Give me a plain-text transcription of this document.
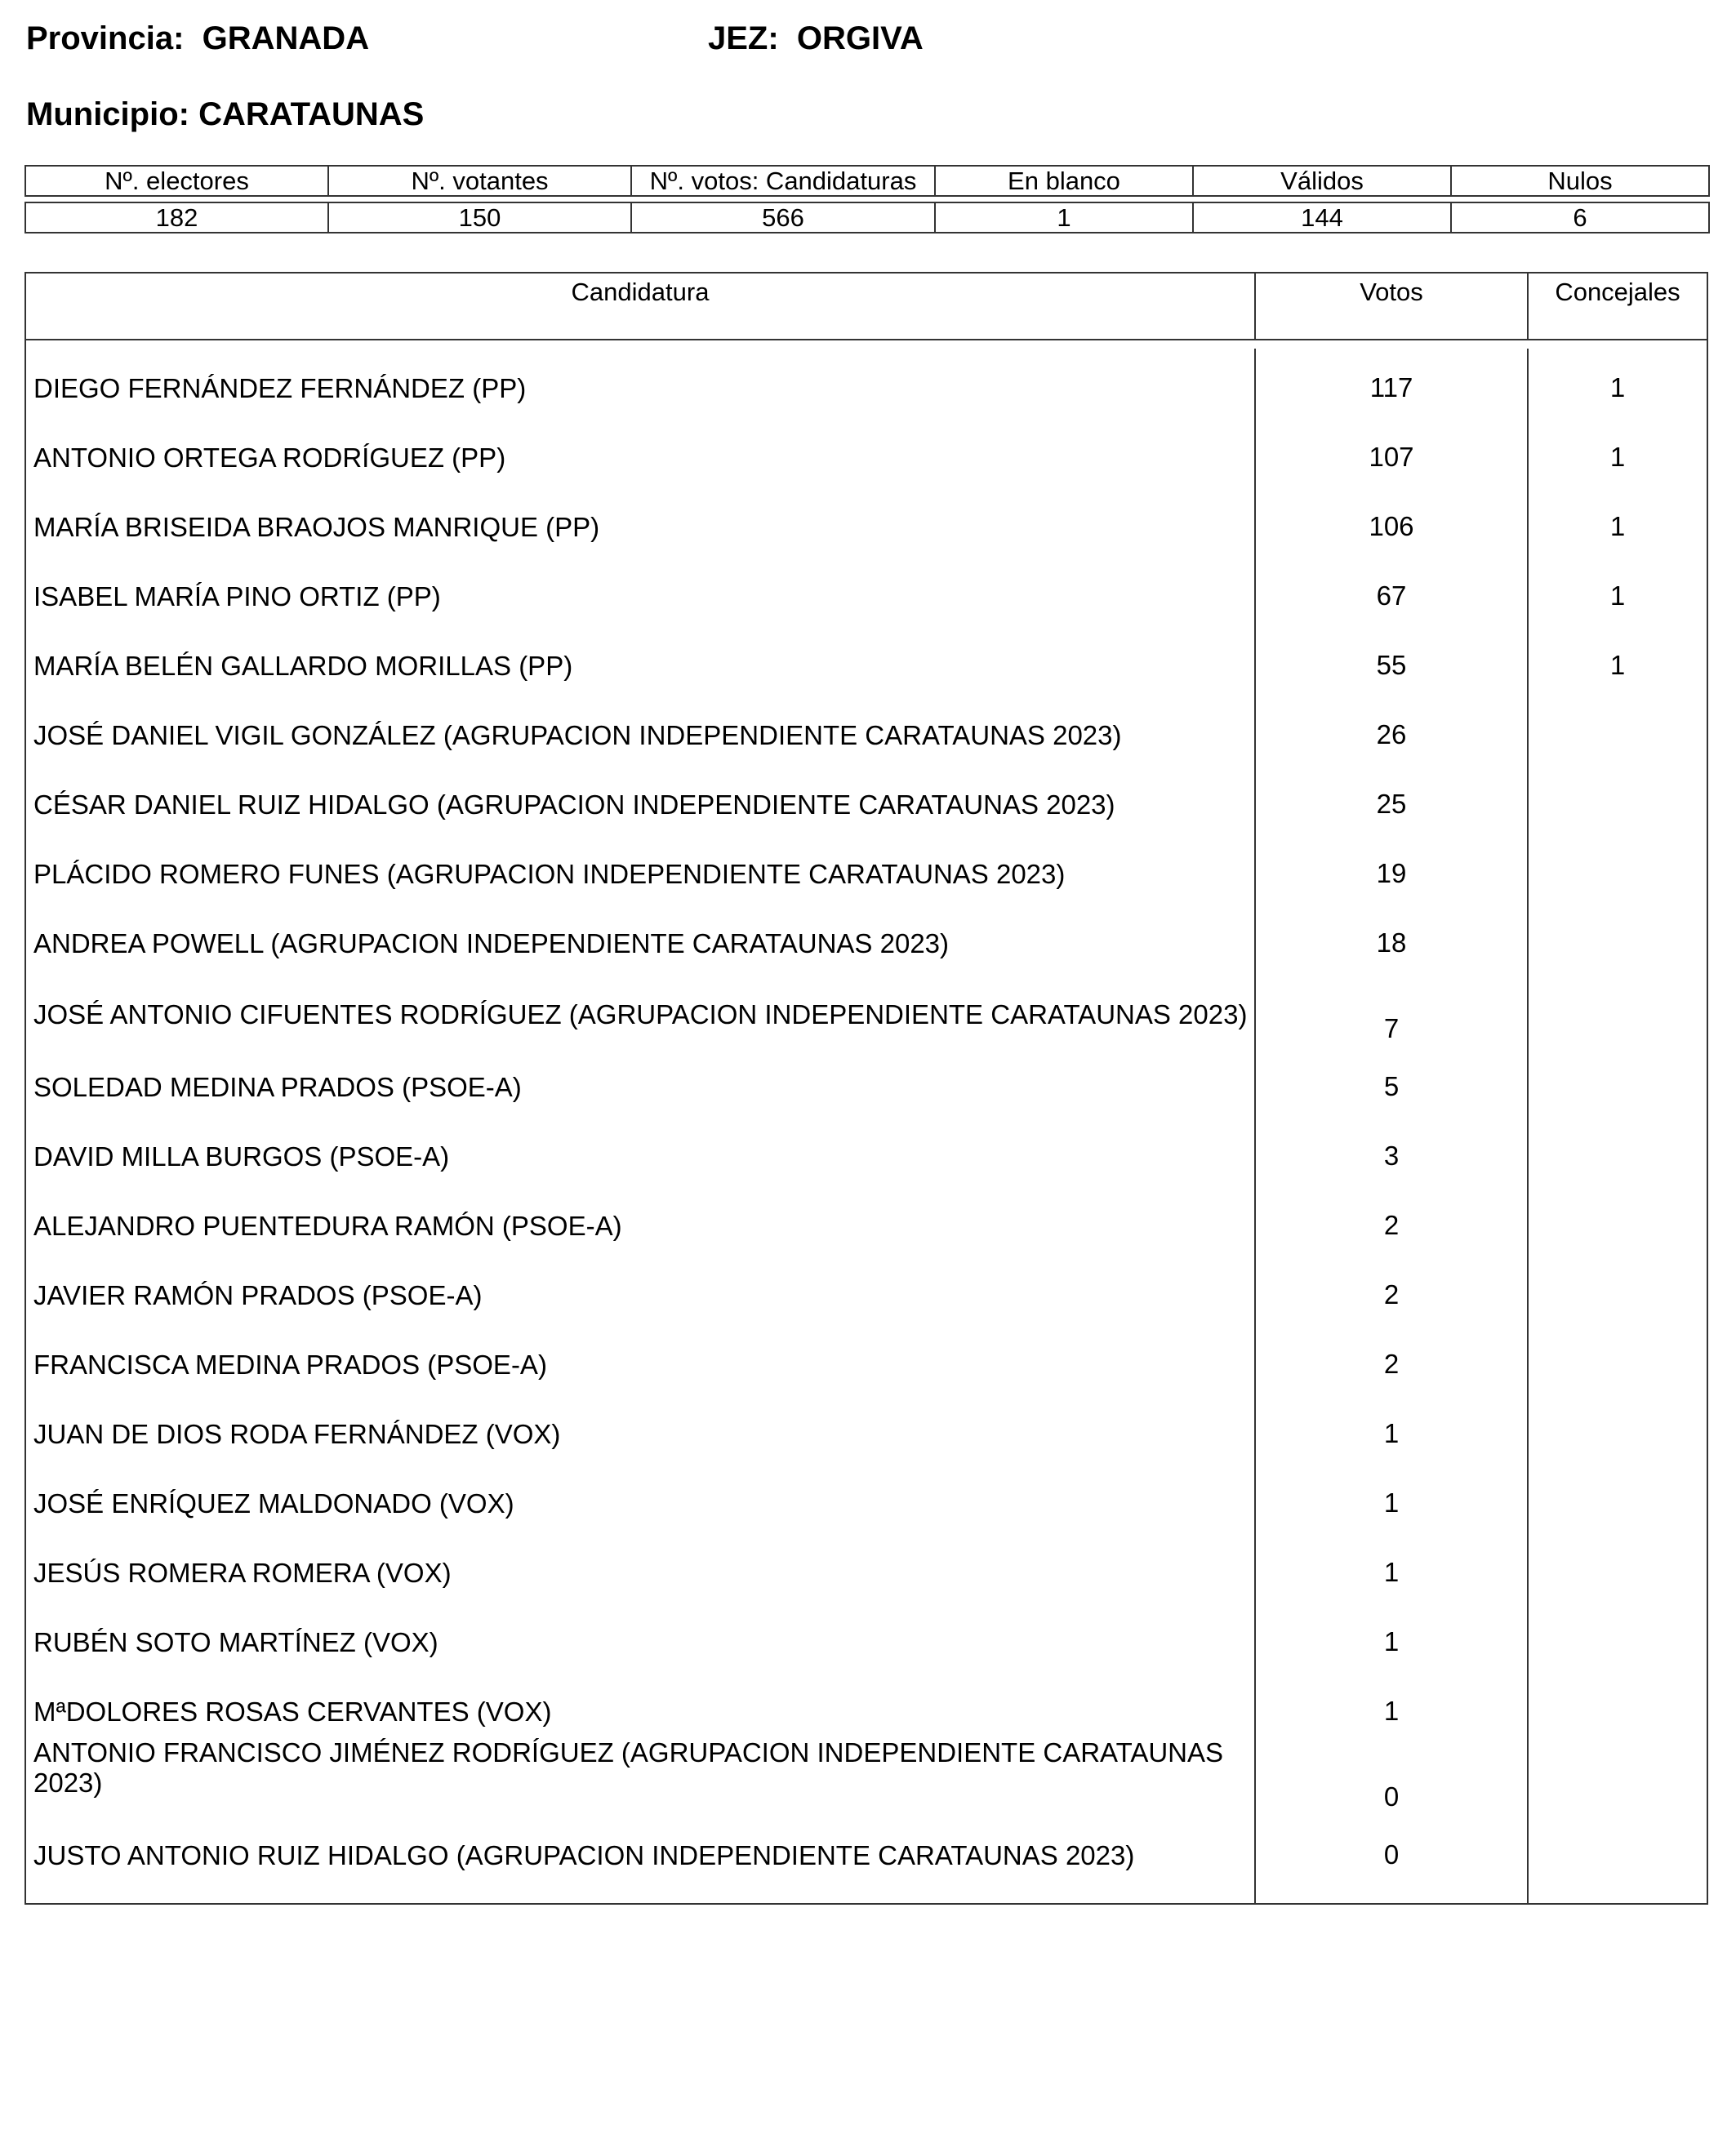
Provincia: GRANADA	JEZ: ORGIVA
Municipio: CARATAUNAS
Nº. electores	Nº. votantes	Nº. votos: Candidaturas	En blanco	Válidos	Nulos

182	150	566	1	144	6
Candidatura	Votos	Concejales
DIEGO FERNÁNDEZ FERNÁNDEZ (PP)	117	1
ANTONIO ORTEGA RODRÍGUEZ (PP)	107	1
MARÍA BRISEIDA BRAOJOS MANRIQUE (PP)	106	1
ISABEL MARÍA PINO ORTIZ (PP)	67	1
MARÍA BELÉN GALLARDO MORILLAS (PP)	55	1
JOSÉ DANIEL VIGIL GONZÁLEZ (AGRUPACION INDEPENDIENTE CARATAUNAS 2023)	26
CÉSAR DANIEL RUIZ HIDALGO (AGRUPACION INDEPENDIENTE CARATAUNAS 2023)	25
PLÁCIDO ROMERO FUNES (AGRUPACION INDEPENDIENTE CARATAUNAS 2023)	19
ANDREA POWELL (AGRUPACION INDEPENDIENTE CARATAUNAS 2023)	18
JOSÉ ANTONIO CIFUENTES RODRÍGUEZ (AGRUPACION INDEPENDIENTE CARATAUNAS 2023)	7
SOLEDAD MEDINA PRADOS (PSOE-A)	5
DAVID MILLA BURGOS (PSOE-A)	3
ALEJANDRO PUENTEDURA RAMÓN (PSOE-A)	2
JAVIER RAMÓN PRADOS (PSOE-A)	2
FRANCISCA MEDINA PRADOS (PSOE-A)	2
JUAN DE DIOS RODA FERNÁNDEZ (VOX)	1
JOSÉ ENRÍQUEZ MALDONADO (VOX)	1
JESÚS ROMERA ROMERA (VOX)	1
RUBÉN SOTO MARTÍNEZ (VOX)	1
MªDOLORES ROSAS CERVANTES (VOX)	1
ANTONIO FRANCISCO JIMÉNEZ RODRÍGUEZ (AGRUPACION INDEPENDIENTE CARATAUNAS 2023)	0
JUSTO ANTONIO RUIZ HIDALGO (AGRUPACION INDEPENDIENTE CARATAUNAS 2023)	0
